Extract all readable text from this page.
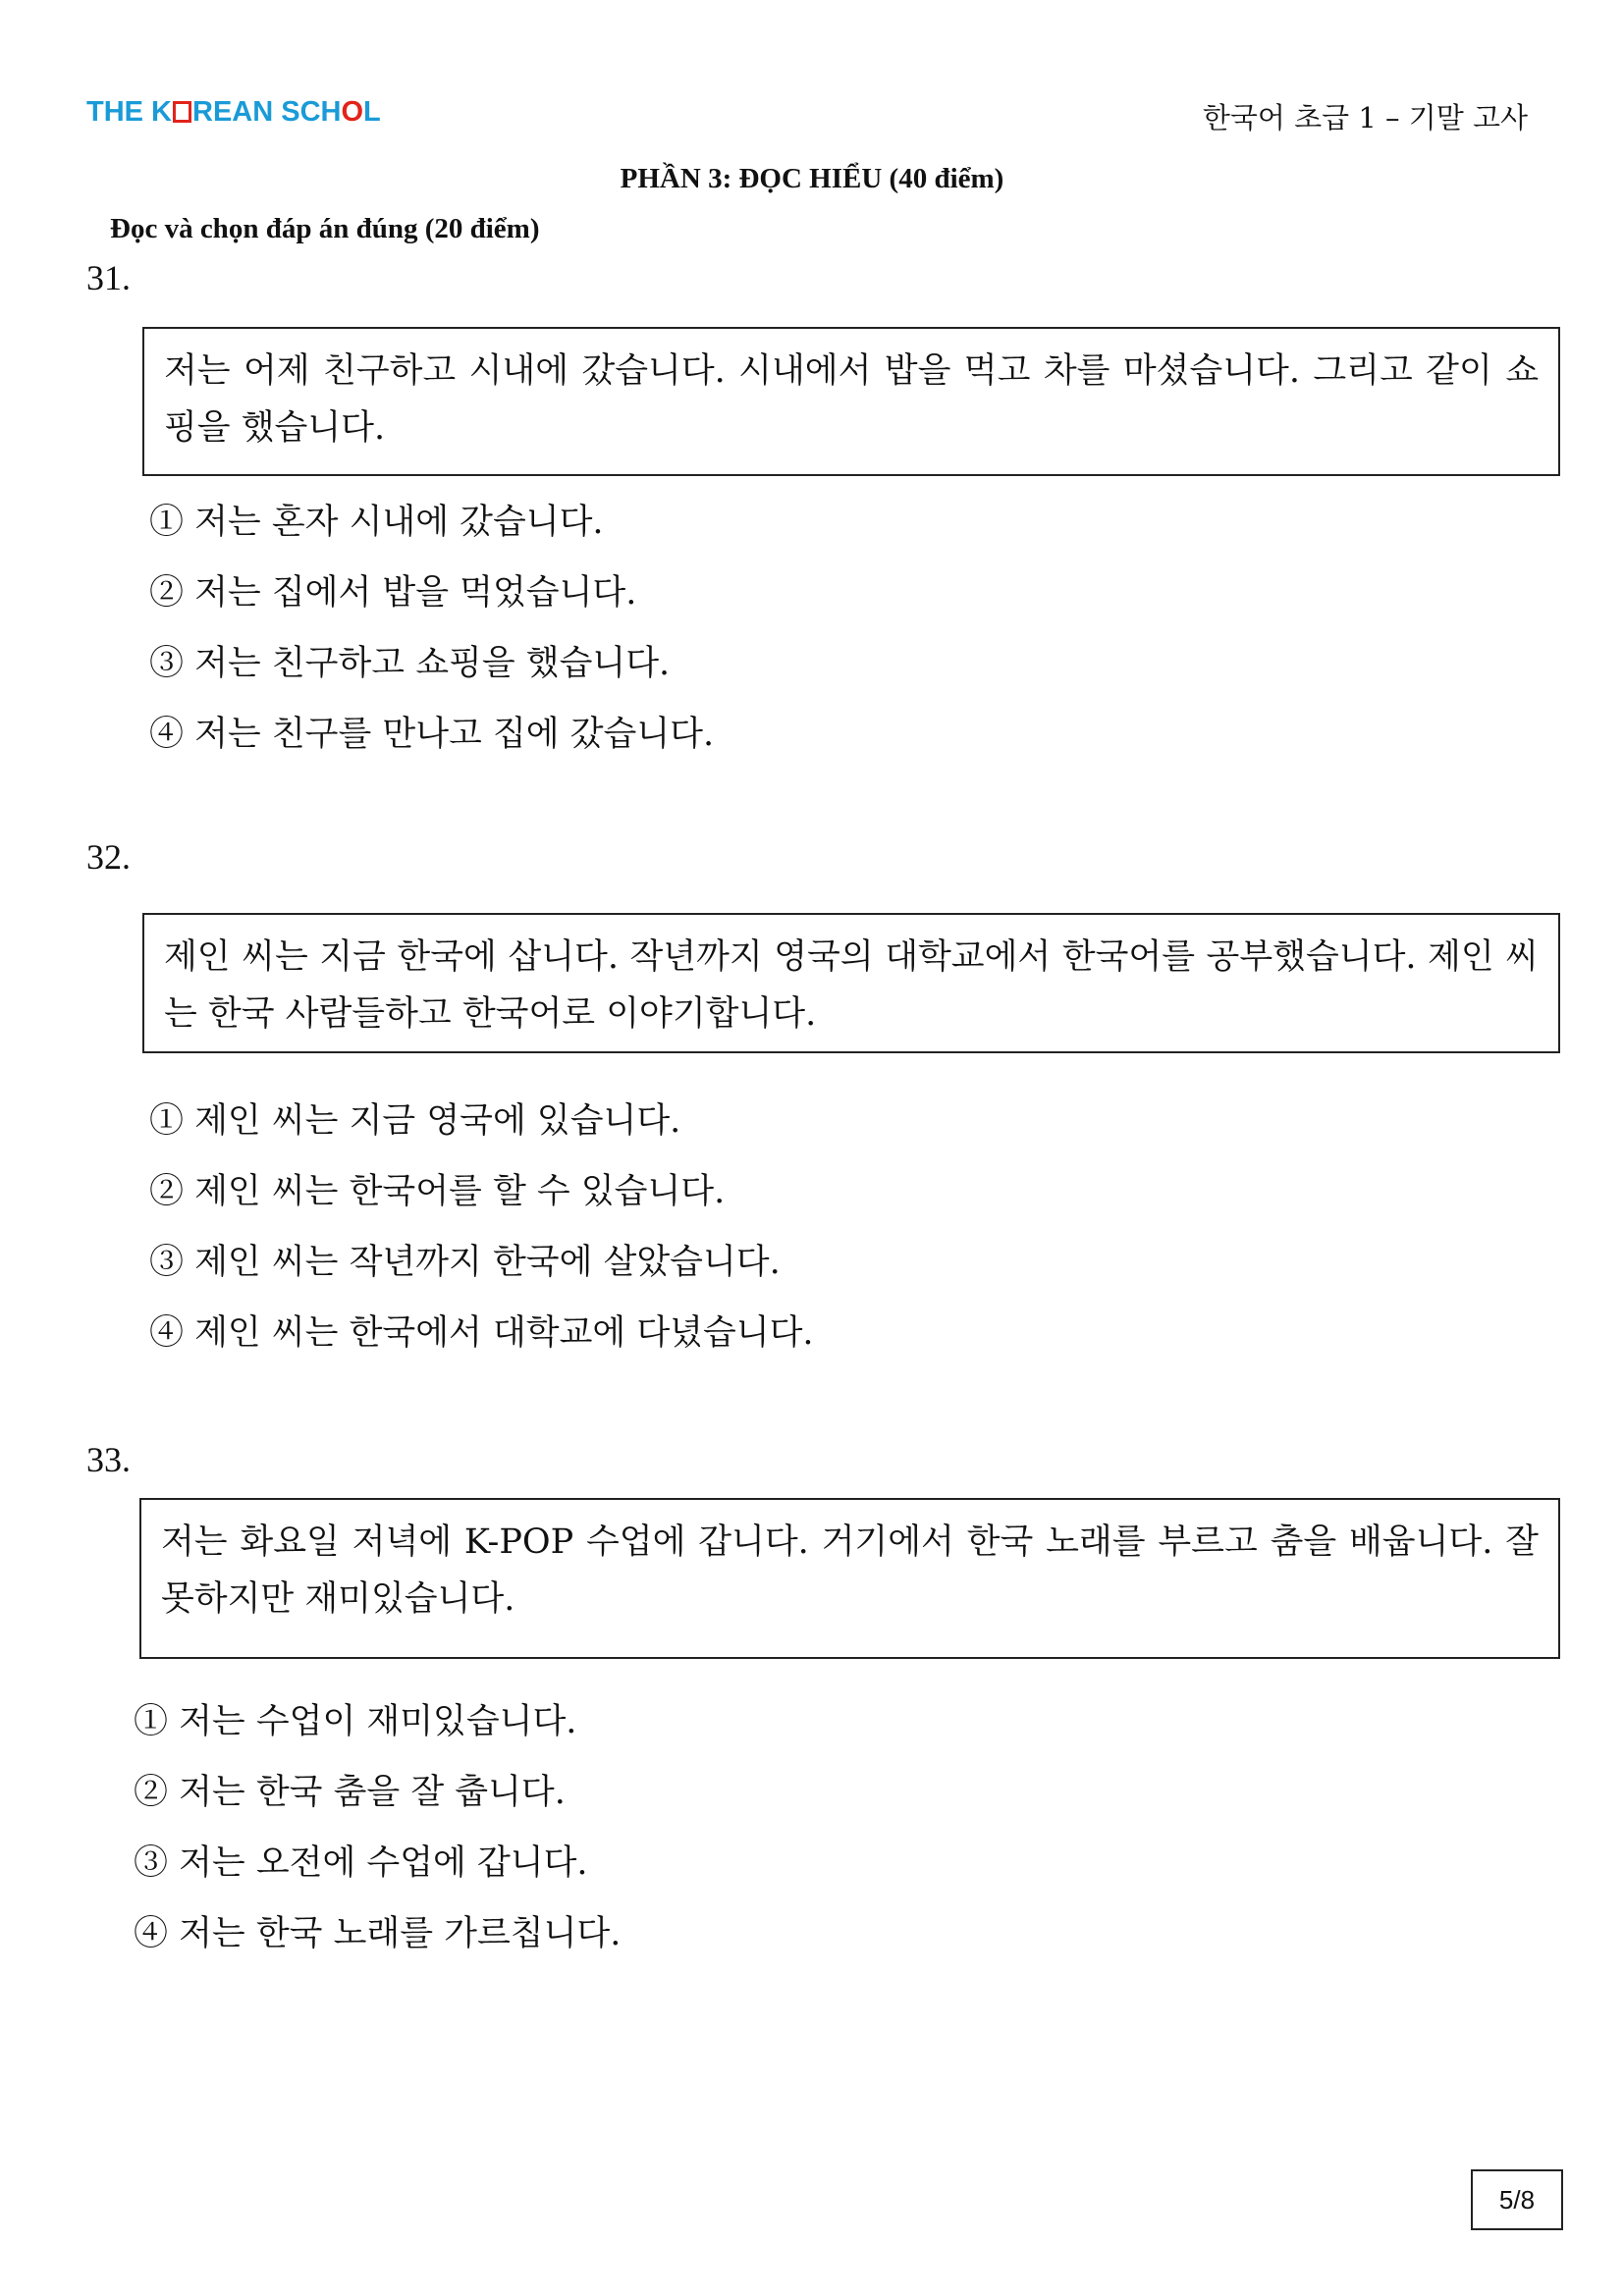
THE K REAN SCHOL	한국어 초급 1 – 기말 고사
PHẦN 3: ĐỌC HIỂU (40 điểm)
Đọc và chọn đáp án đúng (20 điểm)
31.
저는 어제 친구하고 시내에 갔습니다. 시내에서 밥을 먹고 차를 마셨습니다. 그리고 같이 쇼핑을 했습니다.
① 저는 혼자 시내에 갔습니다.
② 저는 집에서 밥을 먹었습니다.
③ 저는 친구하고 쇼핑을 했습니다.
④ 저는 친구를 만나고 집에 갔습니다.
32.
제인 씨는 지금 한국에 삽니다. 작년까지 영국의 대학교에서 한국어를 공부했습니다. 제인 씨는 한국 사람들하고 한국어로 이야기합니다.
① 제인 씨는 지금 영국에 있습니다.
② 제인 씨는 한국어를 할 수 있습니다.
③ 제인 씨는 작년까지 한국에 살았습니다.
④ 제인 씨는 한국에서 대학교에 다녔습니다.
33.
저는 화요일 저녁에 K-POP 수업에 갑니다. 거기에서 한국 노래를 부르고 춤을 배웁니다. 잘 못하지만 재미있습니다.
① 저는 수업이 재미있습니다.
② 저는 한국 춤을 잘 춥니다.
③ 저는 오전에 수업에 갑니다.
④ 저는 한국 노래를 가르칩니다.
5/8
